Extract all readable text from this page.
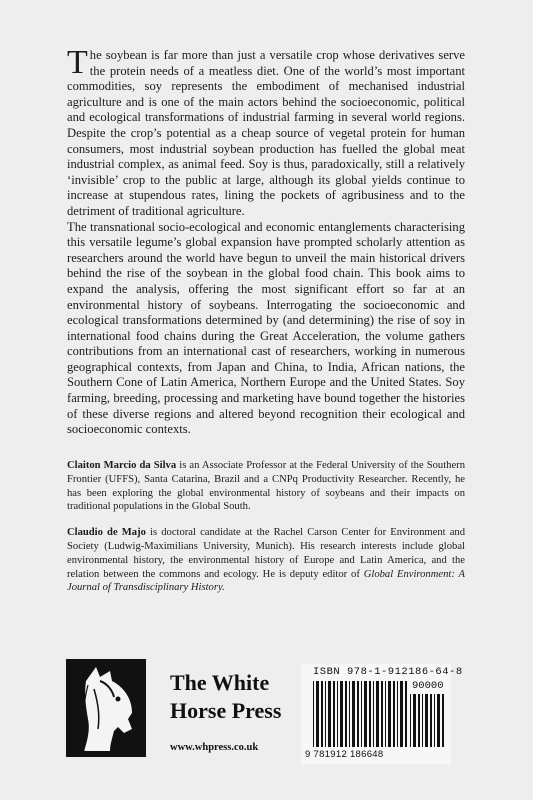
The soybean is far more than just a versatile crop whose derivatives serve the protein needs of a meatless diet. One of the world’s most important commodities, soy represents the embodiment of mechanised industrial agriculture and is one of the main actors behind the socioeconomic, political and ecological transformations of industrial farming in several world regions. Despite the crop’s potential as a cheap source of vegetal protein for human consumers, most industrial soybean production has fuelled the global meat industrial complex, as animal feed. Soy is thus, paradoxically, still a relatively ‘invisible’ crop to the public at large, although its global yields continue to increase at stupendous rates, lining the pockets of agribusiness and to the detriment of traditional agriculture.

The transnational socio-ecological and economic entanglements characterising this versatile legume’s global expansion have prompted scholarly attention as researchers around the world have begun to unveil the main historical drivers behind the rise of the soybean in the global food chain. This book aims to expand the analysis, offering the most significant effort so far at an environmental history of soybeans. Interrogating the socioeconomic and ecological transformations determined by (and determining) the rise of soy in international food chains during the Great Acceleration, the volume gathers contributions from an international cast of researchers, working in numerous geographical contexts, from Japan and China, to India, African nations, the Southern Cone of Latin America, Northern Europe and the United States. Soy farming, breeding, processing and marketing have bound together the histories of these diverse regions and altered beyond recognition their ecological and socioeconomic contexts.

Claiton Marcio da Silva is an Associate Professor at the Federal University of the Southern Frontier (UFFS), Santa Catarina, Brazil and a CNPq Productivity Researcher. Recently, he has been exploring the global environmental history of soybeans and their impacts on traditional populations in the Global South.

Claudio de Majo is doctoral candidate at the Rachel Carson Center for Environment and Society (Ludwig-Maximilians University, Munich). His research interests include global environmental history, the environmental history of Europe and Latin America, and the relation between the commons and ecology. He is deputy editor of Global Environment: A Journal of Transdisciplinary History.

The White
Horse Press
www.whpress.co.uk
ISBN 978-1-912186-64-8
90000
9 781912 186648
